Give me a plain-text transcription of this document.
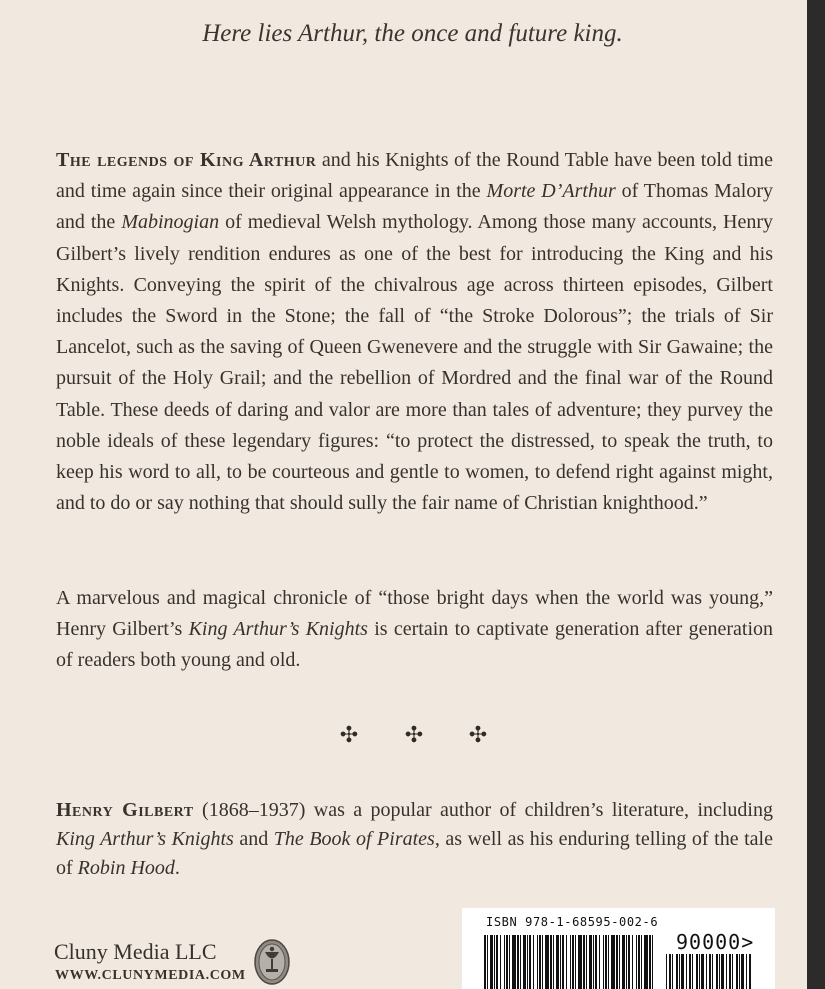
Here lies Arthur, the once and future king.

The legends of King Arthur and his Knights of the Round Table have been told time and time again since their original appearance in the Morte D’Arthur of Thomas Malory and the Mabinogian of medieval Welsh mythology. Among those many accounts, Henry Gilbert’s lively rendition endures as one of the best for introducing the King and his Knights. Conveying the spirit of the chivalrous age across thirteen episodes, Gilbert includes the Sword in the Stone; the fall of “the Stroke Dolorous”; the trials of Sir Lancelot, such as the saving of Queen Gwenevere and the struggle with Sir Gawaine; the pursuit of the Holy Grail; and the rebellion of Mordred and the final war of the Round Table. These deeds of daring and valor are more than tales of adventure; they purvey the noble ideals of these legendary figures: “to protect the distressed, to speak the truth, to keep his word to all, to be courteous and gentle to women, to defend right against might, and to do or say nothing that should sully the fair name of Christian knighthood.”

A marvelous and magical chronicle of “those bright days when the world was young,” Henry Gilbert’s King Arthur’s Knights is certain to captivate generation after generation of readers both young and old.

✣ ✣ ✣

Henry Gilbert (1868–1937) was a popular author of children’s literature, including King Arthur’s Knights and The Book of Pirates, as well as his enduring telling of the tale of Robin Hood.

Cluny Media LLC
WWW.CLUNYMEDIA.COM
ISBN 978-1-68595-002-6
90000>
